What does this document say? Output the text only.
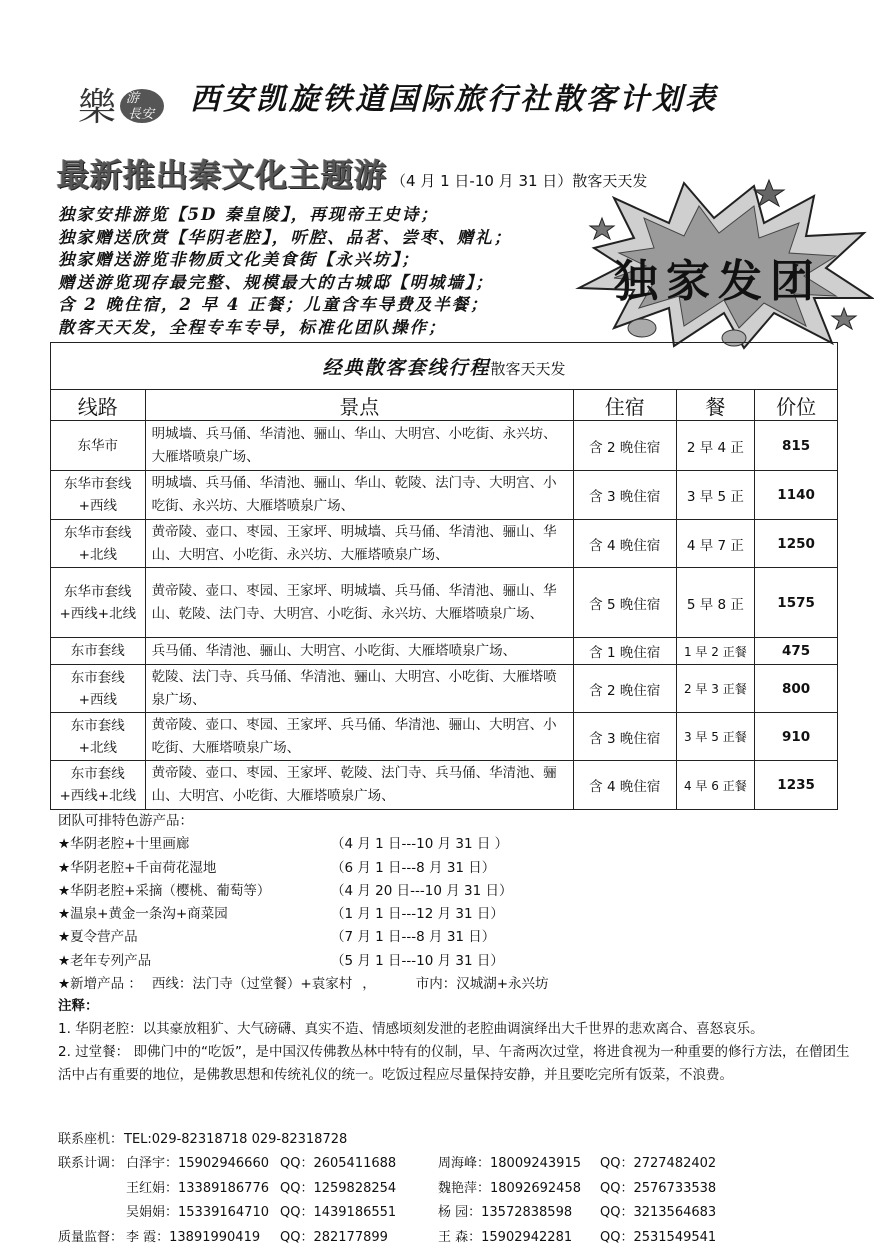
樂 游
長安 西安凯旋铁道国际旅行社散客计划表
最新推出秦文化主题游 （4 月 1 日-10 月 31 日）散客天天发
独家安排游览【5D 秦皇陵】，再现帝王史诗；
独家赠送欣赏【华阴老腔】，听腔、品茗、尝枣、赠礼；
独家赠送游览非物质文化美食街【永兴坊】；
赠送游览现存最完整、规模最大的古城邸【明城墙】；
含 2 晚住宿，2 早 4 正餐；儿童含车导费及半餐；
散客天天发，全程专车专导，标准化团队操作；
独家发团
经典散客套线行程散客天天发				
线路	景点	住宿	餐	价位
东华市	明城墙、兵马俑、华清池、骊山、华山、大明宫、小吃街、永兴坊、大雁塔喷泉广场、	含 2 晚住宿	2 早 4 正	815
东华市套线 +西线	明城墙、兵马俑、华清池、骊山、华山、乾陵、法门寺、大明宫、小吃街、永兴坊、大雁塔喷泉广场、	含 3 晚住宿	3 早 5 正	1140
东华市套线 +北线	黄帝陵、壶口、枣园、王家坪、明城墙、兵马俑、华清池、骊山、华山、大明宫、小吃街、永兴坊、大雁塔喷泉广场、	含 4 晚住宿	4 早 7 正	1250
东华市套线 +西线+北线	黄帝陵、壶口、枣园、王家坪、明城墙、兵马俑、华清池、骊山、华山、乾陵、法门寺、大明宫、小吃街、永兴坊、大雁塔喷泉广场、	含 5 晚住宿	5 早 8 正	1575
东市套线	兵马俑、华清池、骊山、大明宫、小吃街、大雁塔喷泉广场、	含 1 晚住宿	1 早 2 正餐	475
东市套线 +西线	乾陵、法门寺、兵马俑、华清池、骊山、大明宫、小吃街、大雁塔喷泉广场、	含 2 晚住宿	2 早 3 正餐	800
东市套线 +北线	黄帝陵、壶口、枣园、王家坪、兵马俑、华清池、骊山、大明宫、小吃街、大雁塔喷泉广场、	含 3 晚住宿	3 早 5 正餐	910
东市套线 +西线+北线	黄帝陵、壶口、枣园、王家坪、乾陵、法门寺、兵马俑、华清池、骊山、大明宫、小吃街、大雁塔喷泉广场、	含 4 晚住宿	4 早 6 正餐	1235
团队可排特色游产品：
★华阴老腔+十里画廊	（4 月 1 日---10 月 31 日 ）
★华阴老腔+千亩荷花湿地	（6 月 1 日---8 月 31 日）
★华阴老腔+采摘（樱桃、葡萄等）	（4 月 20 日---10 月 31 日）
★温泉+黄金一条沟+商菜园	（1 月 1 日---12 月 31 日）
★夏令营产品	（7 月 1 日---8 月 31 日）
★老年专列产品	（5 月 1 日---10 月 31 日）
★新增产品 ： 西线：法门寺（过堂餐）+袁家村 ，	市内：汉城湖+永兴坊

注释：

1. 华阴老腔：以其豪放粗犷、大气磅礴、真实不造、情感顷刻发泄的老腔曲调演绎出大千世界的悲欢离合、喜怒哀乐。

2. 过堂餐： 即佛门中的“吃饭”，是中国汉传佛教丛林中特有的仪制，早、午斋两次过堂，将进食视为一种重要的修行方法，在僧团生活中占有重要的地位，是佛教思想和传统礼仪的统一。吃饭过程应尽量保持安静，并且要吃完所有饭菜，不浪费。

联系座机： TEL:029-82318718 029-82318728
联系计调： 白泽宇：15902946660 QQ：2605411688	周海峰：18009243915 QQ：2727482402
王红娟：13389186776 QQ：1259828254	魏艳萍：18092692458 QQ：2576733538
吴娟娟：15339164710 QQ：1439186551	杨 园：13572838598 QQ：3213564683
质量监督： 李 霞：13891990419 QQ：282177899	王 森：15902942281 QQ：2531549541
